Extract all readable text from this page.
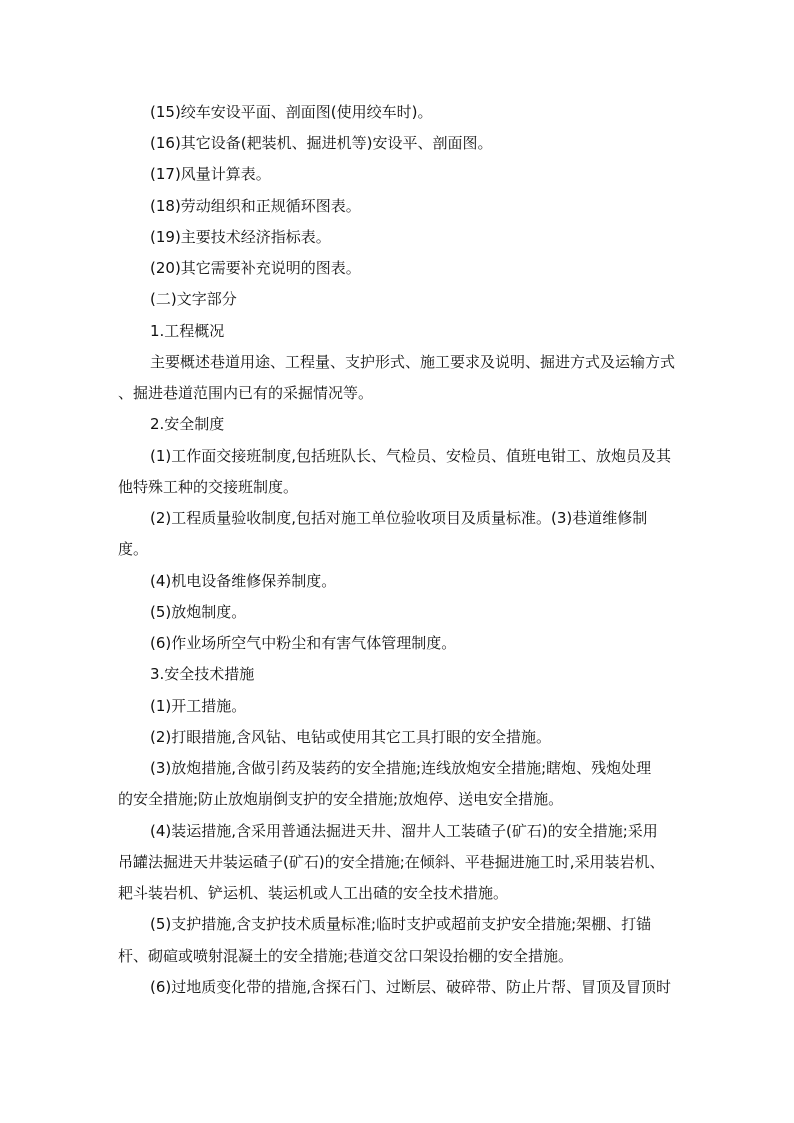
(15)绞车安设平面、剖面图(使用绞车时)。
(16)其它设备(耙装机、掘进机等)安设平、剖面图。
(17)风量计算表。
(18)劳动组织和正规循环图表。
(19)主要技术经济指标表。
(20)其它需要补充说明的图表。
(二)文字部分
1.工程概况
主要概述巷道用途、工程量、支护形式、施工要求及说明、掘进方式及运输方式
、掘进巷道范围内已有的采掘情况等。
2.安全制度
(1)工作面交接班制度,包括班队长、气检员、安检员、值班电钳工、放炮员及其
他特殊工种的交接班制度。
(2)工程质量验收制度,包括对施工单位验收项目及质量标准。(3)巷道维修制
度。
(4)机电设备维修保养制度。
(5)放炮制度。
(6)作业场所空气中粉尘和有害气体管理制度。
3.安全技术措施
(1)开工措施。
(2)打眼措施,含风钻、电钻或使用其它工具打眼的安全措施。
(3)放炮措施,含做引药及装药的安全措施;连线放炮安全措施;瞎炮、残炮处理
的安全措施;防止放炮崩倒支护的安全措施;放炮停、送电安全措施。
(4)装运措施,含采用普通法掘进天井、溜井人工装碴子(矿石)的安全措施;采用
吊罐法掘进天井装运碴子(矿石)的安全措施;在倾斜、平巷掘进施工时,采用装岩机、
耙斗装岩机、铲运机、装运机或人工出碴的安全技术措施。
(5)支护措施,含支护技术质量标准;临时支护或超前支护安全措施;架棚、打锚
杆、砌碹或喷射混凝土的安全措施;巷道交岔口架设抬棚的安全措施。
(6)过地质变化带的措施,含探石门、过断层、破碎带、防止片帮、冒顶及冒顶时
